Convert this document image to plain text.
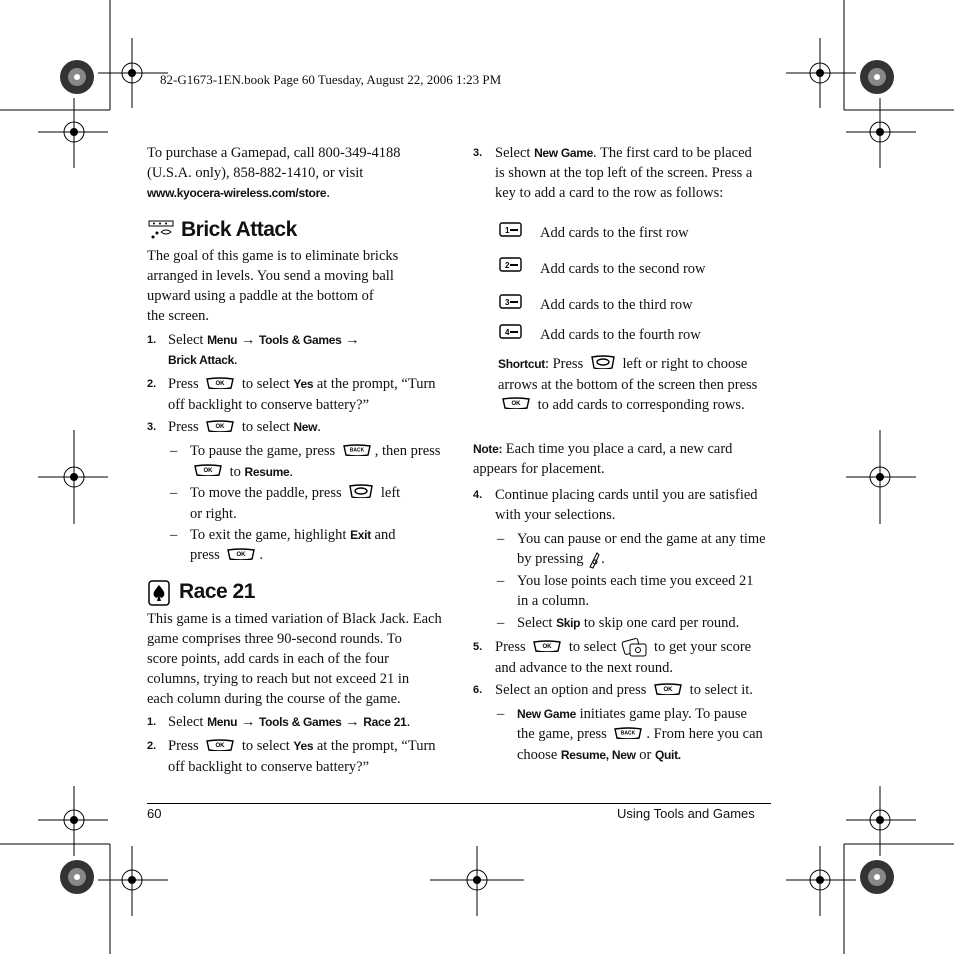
82-G1673-1EN.book Page 60 Tuesday, August 22, 2006 1:23 PM
To purchase a Gamepad, call 800-349-4188
(U.S.A. only), 858-882-1410, or visit
www.kyocera-wireless.com/store.
Brick Attack
The goal of this game is to eliminate bricks
arranged in levels. You send a moving ball
upward using a paddle at the bottom of
the screen.
1. Select Menu → Tools & Games →
Brick Attack.
2. Press OK to select Yes at the prompt, “Turn
off backlight to conserve battery?”
3. Press OK to select New.
– To pause the game, press BACK , then press
OK to Resume.
– To move the paddle, press  left
or right.
– To exit the game, highlight Exit and
press OK .
Race 21
This game is a timed variation of Black Jack. Each
game comprises three 90-second rounds. To
score points, add cards in each of the four
columns, trying to reach but not exceed 21 in
each column during the course of the game.
1. Select Menu → Tools & Games → Race 21.
2. Press OK to select Yes at the prompt, “Turn
off backlight to conserve battery?”
3. Select New Game. The first card to be placed
is shown at the top left of the screen. Press a
key to add a card to the row as follows:
1 Add cards to the first row
2 Add cards to the second row
3 Add cards to the third row
4 Add cards to the fourth row
Shortcut: Press  left or right to choose
arrows at the bottom of the screen then press
OK to add cards to corresponding rows.
Note: Each time you place a card, a new card
appears for placement.
4. Continue placing cards until you are satisfied
with your selections.
– You can pause or end the game at any time
by pressing .
– You lose points each time you exceed 21
in a column.
– Select Skip to skip one card per round.
5. Press OK to select  to get your score
and advance to the next round.
6. Select an option and press OK to select it.
– New Game initiates game play. To pause
the game, press BACK . From here you can
choose Resume, New or Quit.
60	Using Tools and Games
